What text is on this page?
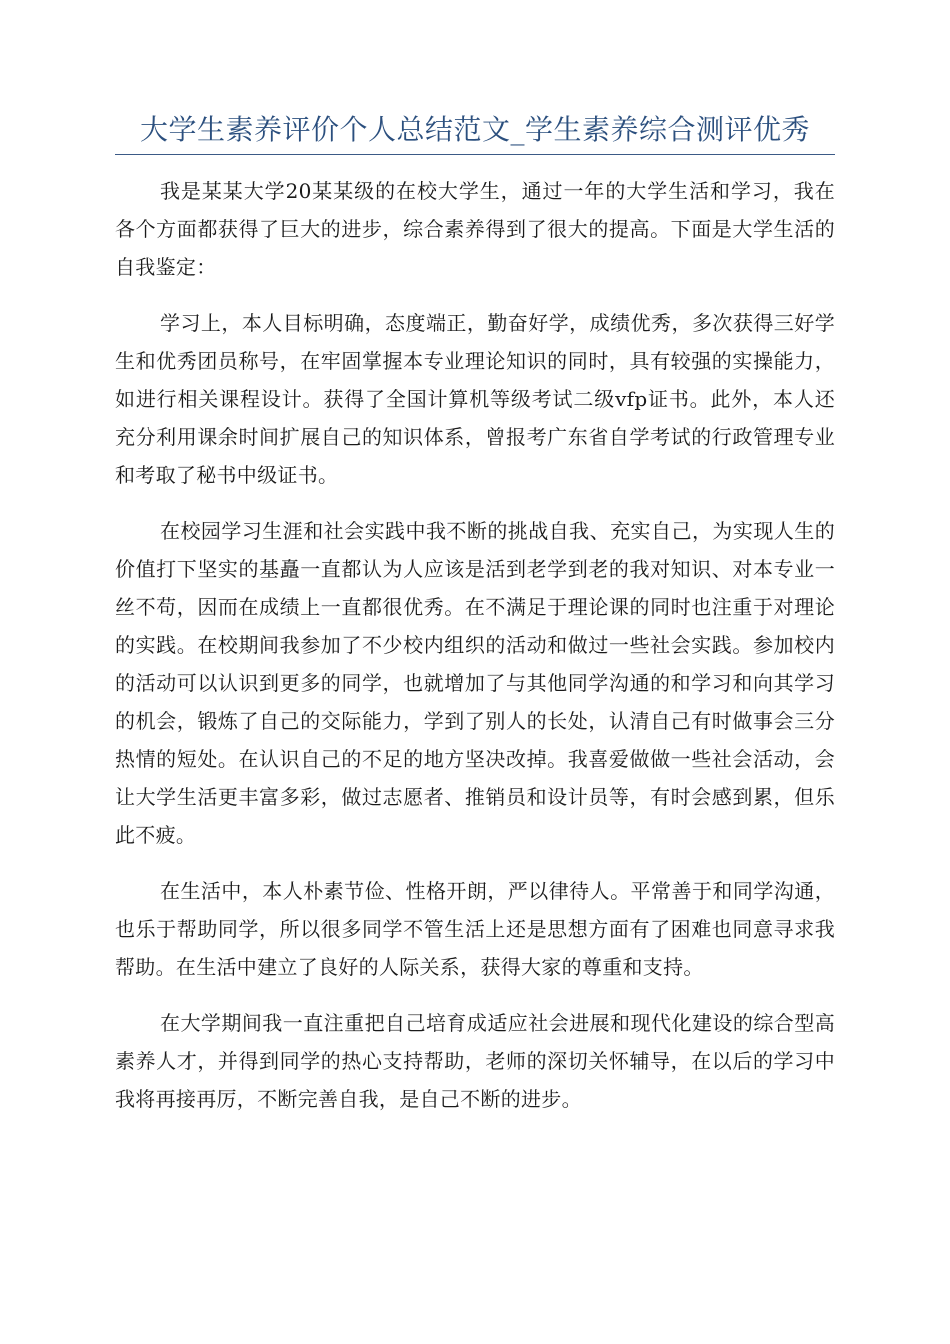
大学生素养评价个人总结范文_学生素养综合测评优秀

我是某某大学20某某级的在校大学生，通过一年的大学生活和学习，我在各个方面都获得了巨大的进步，综合素养得到了很大的提高。下面是大学生活的自我鉴定：

学习上，本人目标明确，态度端正，勤奋好学，成绩优秀，多次获得三好学生和优秀团员称号，在牢固掌握本专业理论知识的同时，具有较强的实操能力，如进行相关课程设计。获得了全国计算机等级考试二级vfp证书。此外，本人还充分利用课余时间扩展自己的知识体系，曾报考广东省自学考试的行政管理专业和考取了秘书中级证书。

在校园学习生涯和社会实践中我不断的挑战自我、充实自己，为实现人生的价值打下坚实的基矗一直都认为人应该是活到老学到老的我对知识、对本专业一丝不苟，因而在成绩上一直都很优秀。在不满足于理论课的同时也注重于对理论的实践。在校期间我参加了不少校内组织的活动和做过一些社会实践。参加校内的活动可以认识到更多的同学，也就增加了与其他同学沟通的和学习和向其学习的机会，锻炼了自己的交际能力，学到了别人的长处，认清自己有时做事会三分热情的短处。在认识自己的不足的地方坚决改掉。我喜爱做做一些社会活动，会让大学生活更丰富多彩，做过志愿者、推销员和设计员等，有时会感到累，但乐此不疲。

在生活中，本人朴素节俭、性格开朗，严以律待人。平常善于和同学沟通，也乐于帮助同学，所以很多同学不管生活上还是思想方面有了困难也同意寻求我帮助。在生活中建立了良好的人际关系，获得大家的尊重和支持。

在大学期间我一直注重把自己培育成适应社会进展和现代化建设的综合型高素养人才，并得到同学的热心支持帮助，老师的深切关怀辅导，在以后的学习中我将再接再厉，不断完善自我，是自己不断的进步。
